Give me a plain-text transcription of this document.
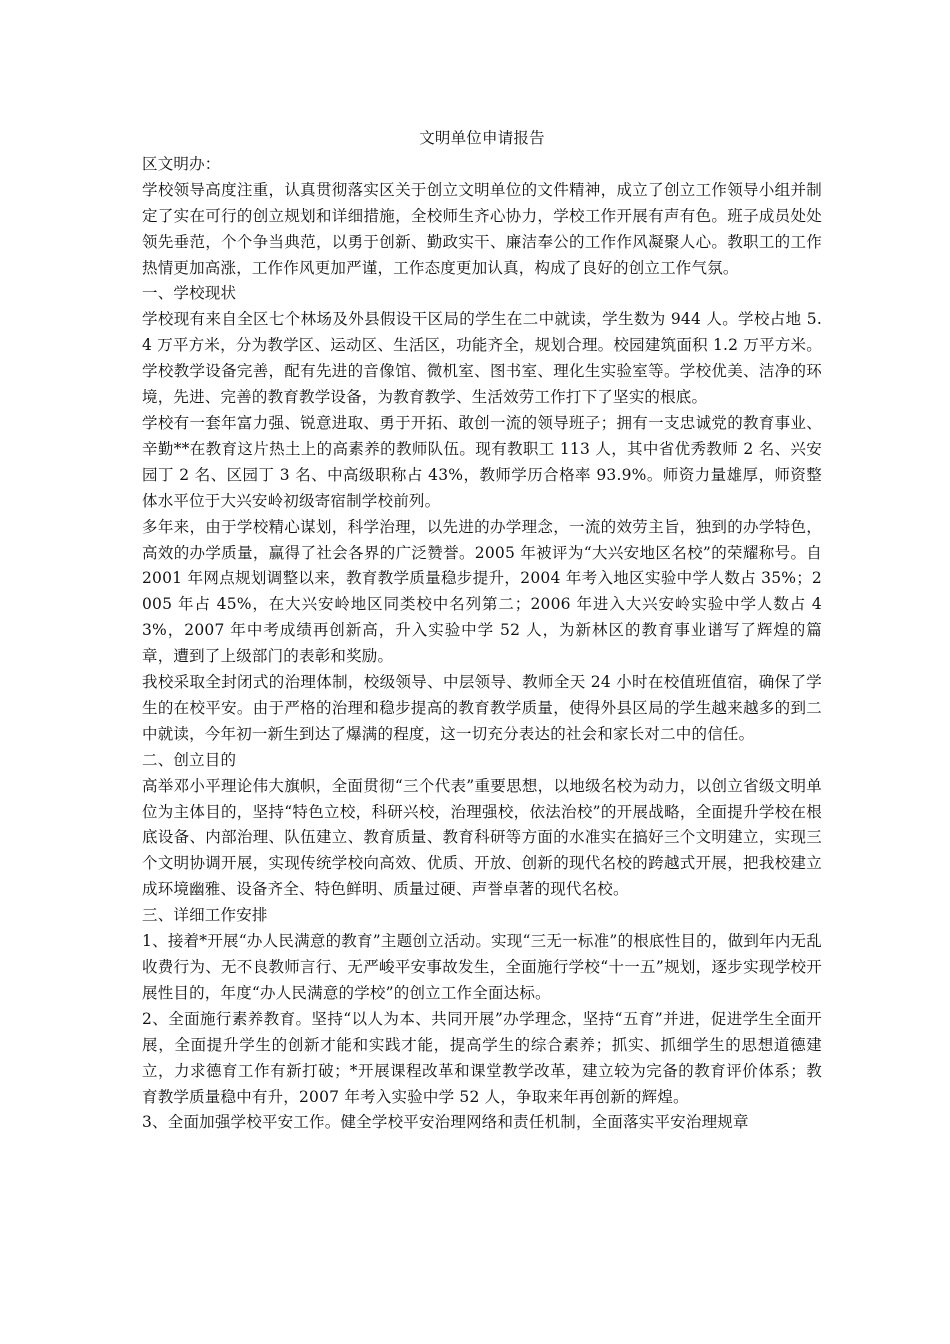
文明单位申请报告

区文明办：

学校领导高度注重，认真贯彻落实区关于创立文明单位的文件精神，成立了创立工作领导小组并制定了实在可行的创立规划和详细措施，全校师生齐心协力，学校工作开展有声有色。班子成员处处领先垂范，个个争当典范，以勇于创新、勤政实干、廉洁奉公的工作作风凝聚人心。教职工的工作热情更加高涨，工作作风更加严谨，工作态度更加认真，构成了良好的创立工作气氛。

一、学校现状

学校现有来自全区七个林场及外县假设干区局的学生在二中就读，学生数为 944 人。学校占地 5.4 万平方米，分为教学区、运动区、生活区，功能齐全，规划合理。校园建筑面积 1.2 万平方米。学校教学设备完善，配有先进的音像馆、微机室、图书室、理化生实验室等。学校优美、洁净的环境，先进、完善的教育教学设备，为教育教学、生活效劳工作打下了坚实的根底。

学校有一套年富力强、锐意进取、勇于开拓、敢创一流的领导班子；拥有一支忠诚党的教育事业、辛勤**在教育这片热土上的高素养的教师队伍。现有教职工 113 人，其中省优秀教师 2 名、兴安园丁 2 名、区园丁 3 名、中高级职称占 43%，教师学历合格率 93.9%。师资力量雄厚，师资整体水平位于大兴安岭初级寄宿制学校前列。

多年来，由于学校精心谋划，科学治理，以先进的办学理念，一流的效劳主旨，独到的办学特色，高效的办学质量，赢得了社会各界的广泛赞誉。2005 年被评为“大兴安地区名校”的荣耀称号。自 2001 年网点规划调整以来，教育教学质量稳步提升，2004 年考入地区实验中学人数占 35%；2005 年占 45%，在大兴安岭地区同类校中名列第二；2006 年进入大兴安岭实验中学人数占 43%，2007 年中考成绩再创新高，升入实验中学 52 人，为新林区的教育事业谱写了辉煌的篇章，遭到了上级部门的表彰和奖励。

我校采取全封闭式的治理体制，校级领导、中层领导、教师全天 24 小时在校值班值宿，确保了学生的在校平安。由于严格的治理和稳步提高的教育教学质量，使得外县区局的学生越来越多的到二中就读，今年初一新生到达了爆满的程度，这一切充分表达的社会和家长对二中的信任。

二、创立目的

高举邓小平理论伟大旗帜，全面贯彻“三个代表”重要思想，以地级名校为动力，以创立省级文明单位为主体目的，坚持“特色立校，科研兴校，治理强校，依法治校”的开展战略，全面提升学校在根底设备、内部治理、队伍建立、教育质量、教育科研等方面的水准实在搞好三个文明建立，实现三个文明协调开展，实现传统学校向高效、优质、开放、创新的现代名校的跨越式开展，把我校建立成环境幽雅、设备齐全、特色鲜明、质量过硬、声誉卓著的现代名校。

三、详细工作安排

1、接着*开展“办人民满意的教育”主题创立活动。实现“三无一标准”的根底性目的，做到年内无乱收费行为、无不良教师言行、无严峻平安事故发生，全面施行学校“十一五”规划，逐步实现学校开展性目的，年度“办人民满意的学校”的创立工作全面达标。

2、全面施行素养教育。坚持“以人为本、共同开展”办学理念，坚持“五育”并进，促进学生全面开展，全面提升学生的创新才能和实践才能，提高学生的综合素养；抓实、抓细学生的思想道德建立，力求德育工作有新打破；*开展课程改革和课堂教学改革，建立较为完备的教育评价体系；教育教学质量稳中有升，2007 年考入实验中学 52 人，争取来年再创新的辉煌。

3、全面加强学校平安工作。健全学校平安治理网络和责任机制，全面落实平安治理规章
